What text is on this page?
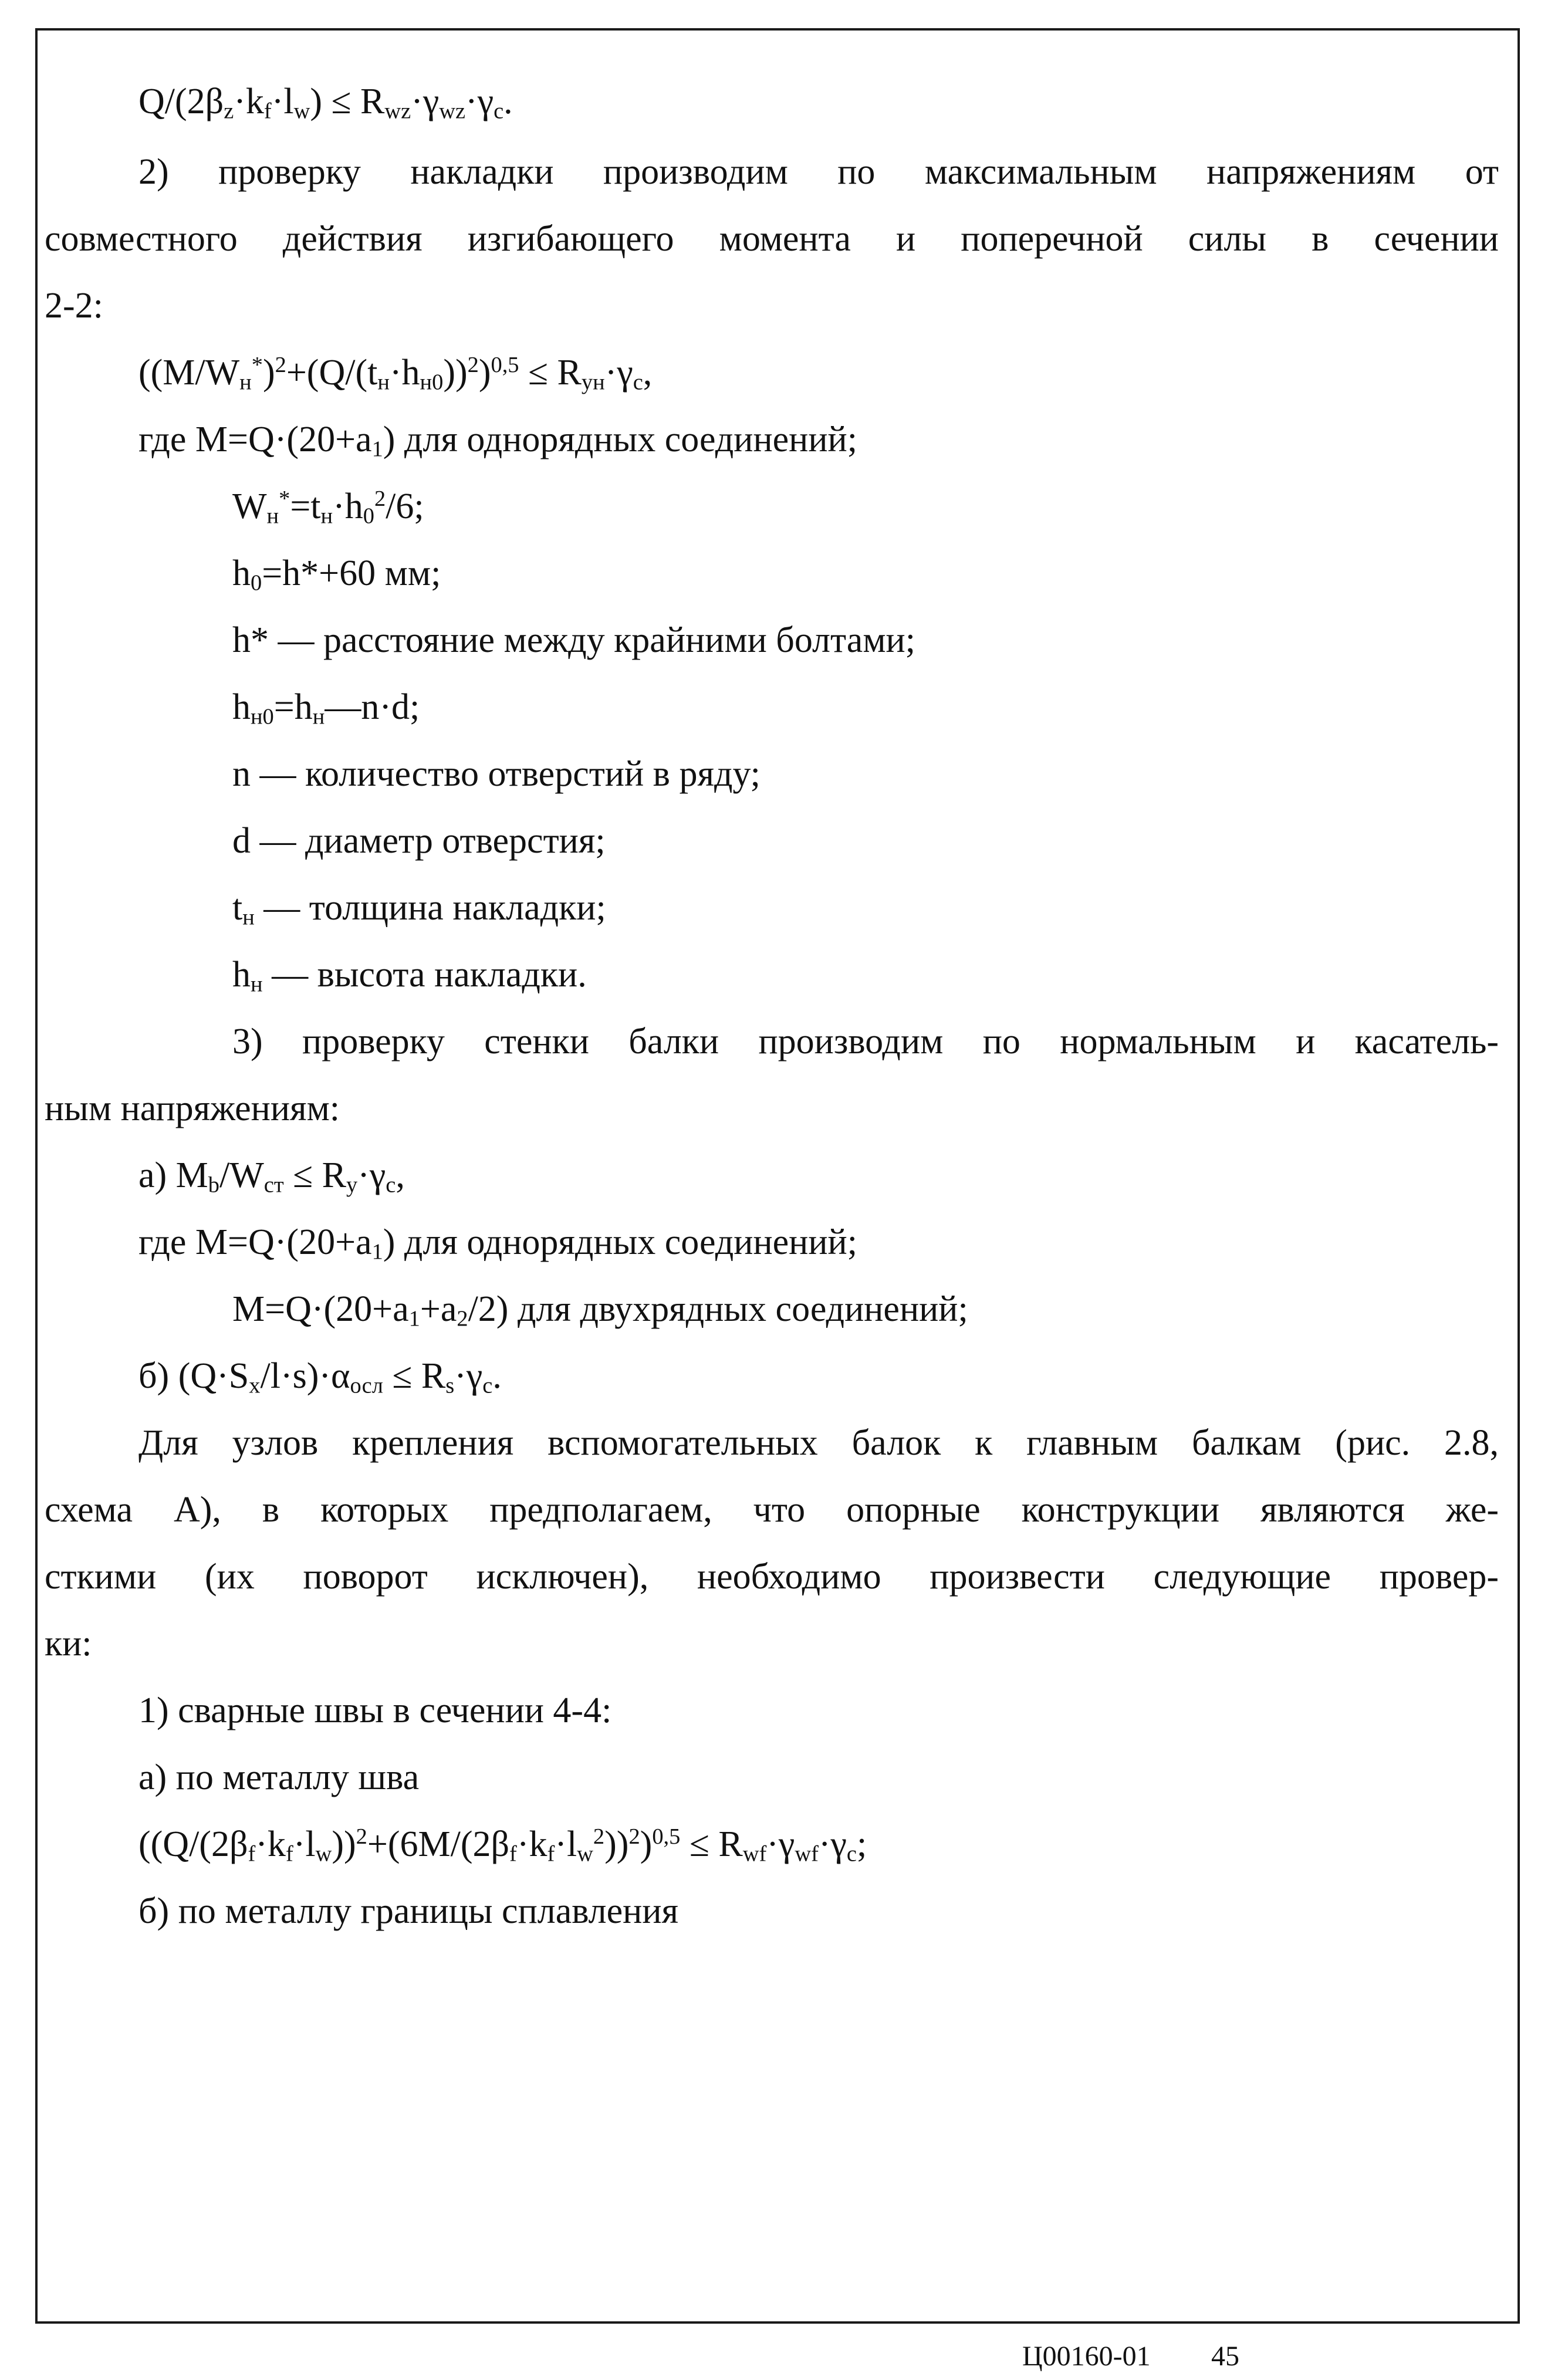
$Q/(2\beta_z\cdot k_f\cdot l_w) \le R_{wz}\cdot\gamma_{wz}\cdot\gamma_c$.
2) проверку накладки производим по максимальным напряжениям от
совместного действия изгибающего момента и поперечной силы в сечении
2-2:
$((M/W_н^*)^2+(Q/(t_н\cdot h_{н0}))^2)^{0,5} \le R_{ун}\cdot\gamma_c$,
где $M=Q\cdot(20+a_1)$ для однорядных соединений;
$W_н^*=t_н\cdot h_0^2/6$;
$h_0=h*+60$ мм;
h* — расстояние между крайними болтами;
$h_{н0}=h_н—n\cdot d$;
n — количество отверстий в ряду;
d — диаметр отверстия;
$t_н$ — толщина накладки;
$h_н$ — высота накладки.
3) проверку стенки балки производим по нормальным и касатель-
ным напряжениям:
а) $M_b/W_{ст} \le R_y\cdot\gamma_c$,
где $M=Q\cdot(20+a_1)$ для однорядных соединений;
$M=Q\cdot(20+a_1+a_2/2)$ для двухрядных соединений;
б) $(Q\cdot S_x/l\cdot s)\cdot\alpha_{осл} \le R_s\cdot\gamma_c$.
Для узлов крепления вспомогательных балок к главным балкам (рис. 2.8,
схема А), в которых предполагаем, что опорные конструкции являются же-
сткими (их поворот исключен), необходимо произвести следующие провер-
ки:
1) сварные швы в сечении 4-4:
а) по металлу шва
$((Q/(2\beta_f\cdot k_f\cdot l_w))^2+(6M/(2\beta_f\cdot k_f\cdot l_w^2))^2)^{0,5} \le R_{wf}\cdot\gamma_{wf}\cdot\gamma_c$;
б) по металлу границы сплавления
Ц00160-01 45
